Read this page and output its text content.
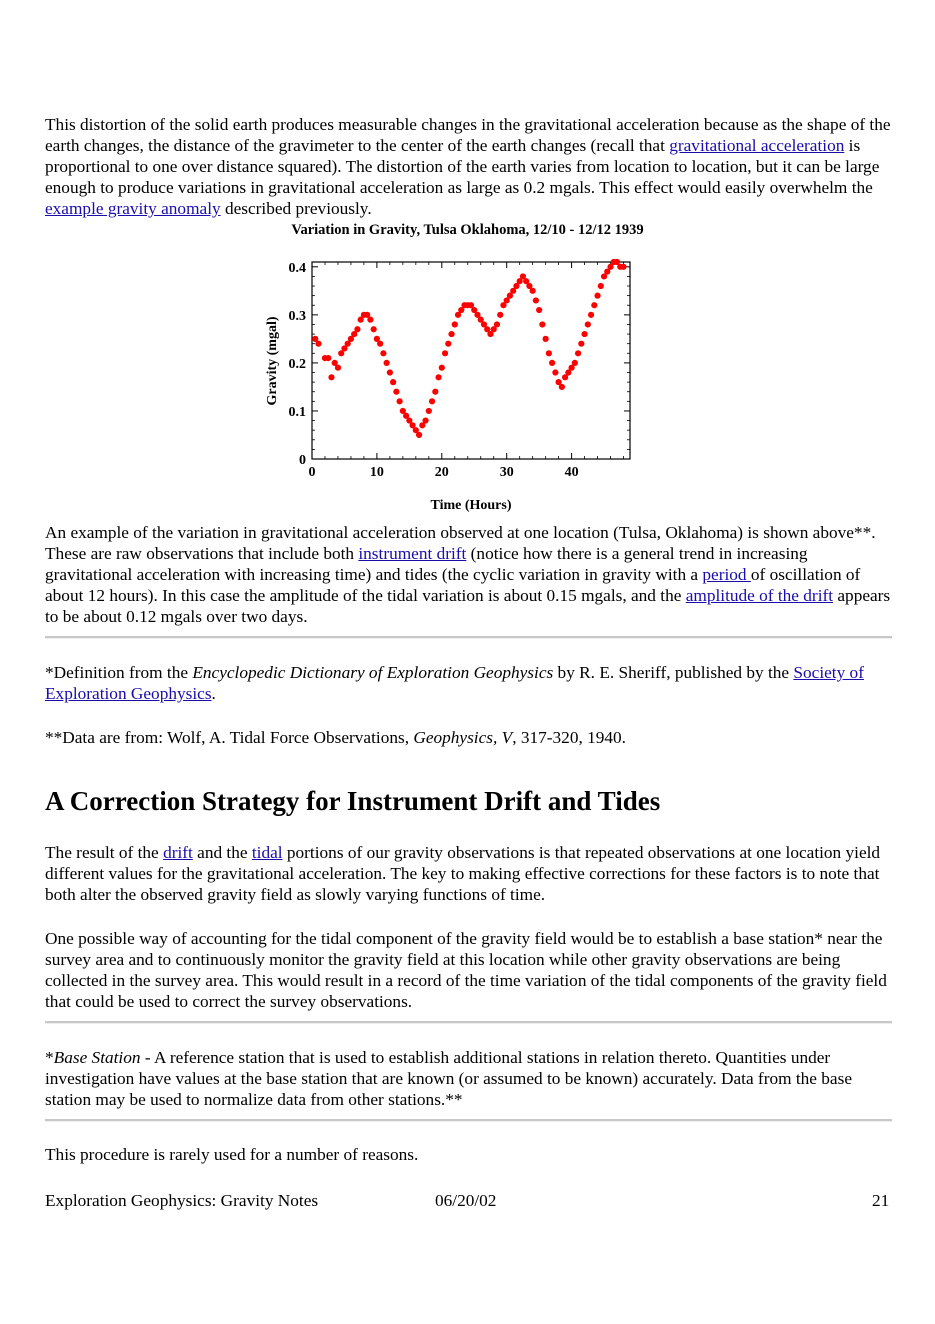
This distortion of the solid earth produces measurable changes in the gravitational acceleration because as the shape of the earth changes, the distance of the gravimeter to the center of the earth changes (recall that gravitational acceleration is proportional to one over distance squared). The distortion of the earth varies from location to location, but it can be large enough to produce variations in gravitational acceleration as large as 0.2 mgals. This effect would easily overwhelm the example gravity anomaly described previously.

Variation in Gravity, Tulsa Oklahoma, 12/10 - 12/12 1939
0	10	20	30	40
0
0.1
0.2
0.3
0.4
Time (Hours)
Gravity (mgal)

An example of the variation in gravitational acceleration observed at one location (Tulsa, Oklahoma) is shown above**. These are raw observations that include both instrument drift (notice how there is a general trend in increasing gravitational acceleration with increasing time) and tides (the cyclic variation in gravity with a period of oscillation of about 12 hours). In this case the amplitude of the tidal variation is about 0.15 mgals, and the amplitude of the drift appears to be about 0.12 mgals over two days.

*Definition from the Encyclopedic Dictionary of Exploration Geophysics by R. E. Sheriff, published by the Society of Exploration Geophysics.

**Data are from: Wolf, A. Tidal Force Observations, Geophysics, V, 317-320, 1940.

A Correction Strategy for Instrument Drift and Tides

The result of the drift and the tidal portions of our gravity observations is that repeated observations at one location yield different values for the gravitational acceleration. The key to making effective corrections for these factors is to note that both alter the observed gravity field as slowly varying functions of time.

One possible way of accounting for the tidal component of the gravity field would be to establish a base station* near the survey area and to continuously monitor the gravity field at this location while other gravity observations are being collected in the survey area. This would result in a record of the time variation of the tidal components of the gravity field that could be used to correct the survey observations.

*Base Station - A reference station that is used to establish additional stations in relation thereto. Quantities under investigation have values at the base station that are known (or assumed to be known) accurately. Data from the base station may be used to normalize data from other stations.**

This procedure is rarely used for a number of reasons.

Exploration Geophysics: Gravity Notes	06/20/02	21
